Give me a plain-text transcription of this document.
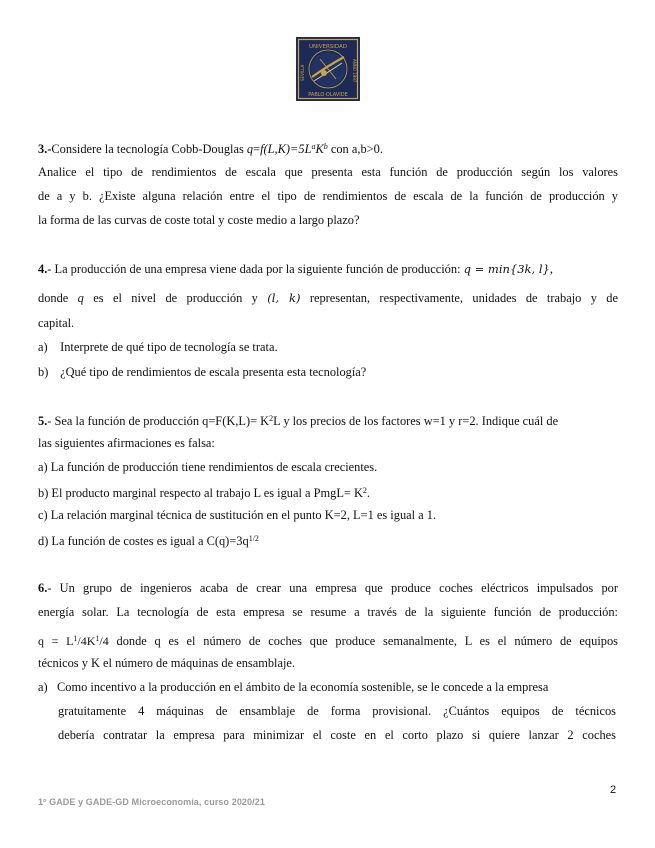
UNIVERSIDAD
PABLO·OLAVIDE
SEVILLA	ANNO 1997
3.-Considere la tecnología Cobb-Douglas $q=f(L,K)=5L^aK^b$ con a,b>0.
Analice el tipo de rendimientos de escala que presenta esta función de producción según los valores
de a y b. ¿Existe alguna relación entre el tipo de rendimientos de escala de la función de producción y
la forma de las curvas de coste total y coste medio a largo plazo?
4.- La producción de una empresa viene dada por la siguiente función de producción: q = min{3k, l},
donde q es el nivel de producción y (l, k) representan, respectivamente, unidades de trabajo y de
capital.
a) Interprete de qué tipo de tecnología se trata.
b) ¿Qué tipo de rendimientos de escala presenta esta tecnología?
5.- Sea la función de producción $q=F(K,L)= K^2L$ y los precios de los factores w=1 y r=2. Indique cuál de
las siguientes afirmaciones es falsa:
a) La función de producción tiene rendimientos de escala crecientes.
b) El producto marginal respecto al trabajo L es igual a PmgL= $K^2$.
c) La relación marginal técnica de sustitución en el punto K=2, L=1 es igual a 1.
d) La función de costes es igual a $C(q)=3q^{1/2}$
6.- Un grupo de ingenieros acaba de crear una empresa que produce coches eléctricos impulsados por
energía solar. La tecnología de esta empresa se resume a través de la siguiente función de producción:
$q = L^1/4K^1/4$ donde q es el número de coches que produce semanalmente, L es el número de equipos
técnicos y K el número de máquinas de ensamblaje.
a) Como incentivo a la producción en el ámbito de la economía sostenible, se le concede a la empresa
gratuitamente 4 máquinas de ensamblaje de forma provisional. ¿Cuántos equipos de técnicos
debería contratar la empresa para minimizar el coste en el corto plazo si quiere lanzar 2 coches
2
1º GADE y GADE-GD Microeconomía, curso 2020/21
